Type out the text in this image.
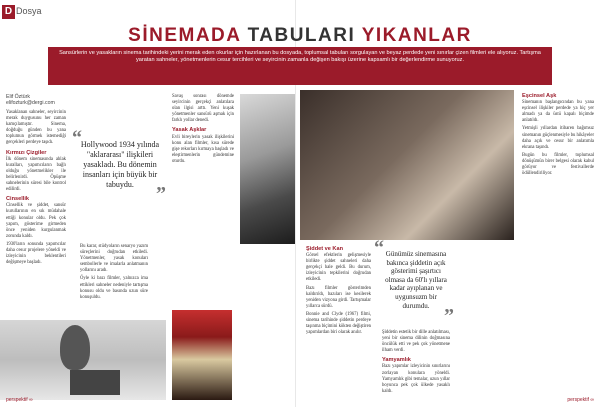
D Dosya
Elif Öztürk
elifozturk@dergi.com

Yasaklanan sahneler, seyircinin merak duygusunu her zaman kamçılamıştır. Sinema, doğduğu günden bu yana toplumun görmek istemediği gerçekleri perdeye taşıdı.

Kırmızı Çizgiler

İlk dönem sinemasında ahlak kuralları, yapımcıların bağlı olduğu yönetmelikler ile belirlenirdi. Öpüşme sahnelerinin süresi bile kontrol edilirdi.

Cinsellik

Cinsellik ve şiddet, sansür kurullarının en sık müdahale ettiği konular oldu. Pek çok yapım, gösterime girmeden önce yeniden kurgulanmak zorunda kaldı.

1930'ların sonunda yapımcılar daha cesur projelere yöneldi ve izleyicinin beklentileri değişmeye başladı.

“
Hollywood 1934 yılında "aklararası" ilişkileri yasakladı. Bu dönemin insanları için büyük bir tabuydu. ”

Bu karar, stüdyoların senaryo yazım süreçlerini doğrudan etkiledi. Yönetmenler, yasak konuları sembollerle ve imalarla anlatmanın yollarını aradı.

Öyle ki bazı filmler, yalnızca ima ettikleri sahneler nedeniyle tartışma konusu oldu ve basında uzun süre konuşuldu.

Savaş sonrası dönemde seyircinin gerçekçi anlatılara olan ilgisi arttı. Yeni kuşak yönetmenler sansürü aşmak için farklı yollar denedi.

Yasak Aşklar

Evli bireylerin yasak ilişkilerini konu alan filmler, kısa sürede gişe rekorları kırmaya başladı ve eleştirmenlerin gündemine oturdu.

perspektif ∞
Şiddet ve Kan

Görsel efektlerin gelişmesiyle birlikte şiddet sahneleri daha gerçekçi hale geldi. Bu durum, izleyicinin tepkilerini doğrudan etkiledi.

Bazı filmler gösterimden kaldırıldı, bazıları ise kesilerek yeniden vizyona girdi. Tartışmalar yıllarca sürdü.

Bonnie and Clyde (1967) filmi, sinema tarihinde şiddetin perdeye taşınma biçimini kökten değiştiren yapımlardan biri olarak anılır.

“ Günümüz sinemasına bakınca şiddetin açık gösterimi şaşırtıcı olmasa da 60'lı yıllara kadar ayıplanan ve uygunsuzm bir durumdu. ”

Şiddetin estetik bir dille anlatılması, yeni bir sinema dilinin doğmasına öncülük etti ve pek çok yönetmene ilham verdi.

Yamyamlık

Bazı yapımlar izleyicinin sınırlarını zorlayan konulara yöneldi. Yamyamlık gibi temalar, uzun yıllar boyunca pek çok ülkede yasaklı kaldı.

Eşcinsel Aşk

Sinemanın başlangıcından bu yana eşcinsel ilişkiler perdede ya hiç yer almadı ya da üstü kapalı biçimde anlatıldı.

Yetmişli yıllardan itibaren bağımsız sinemanın güçlenmesiyle bu hikâyeler daha açık ve cesur bir anlatımla ekrana taşındı.

Bugün bu filmler, toplumsal dönüşümün birer belgesi olarak kabul görüyor ve festivallerde ödüllendiriliyor.

perspektif ∞
SİNEMADA TABULARI YIKANLAR
Sansürlerin ve yasakların sinema tarihindeki yerini merak eden okurlar için hazırlanan bu dosyada, toplumsal tabuları sorgulayan ve beyaz perdede yeni sınırlar çizen filmleri ele alıyoruz. Tartışma yaratan sahneler, yönetmenlerin cesur tercihleri ve seyircinin zamanla değişen bakışı üzerine kapsamlı bir değerlendirme sunuyoruz.
